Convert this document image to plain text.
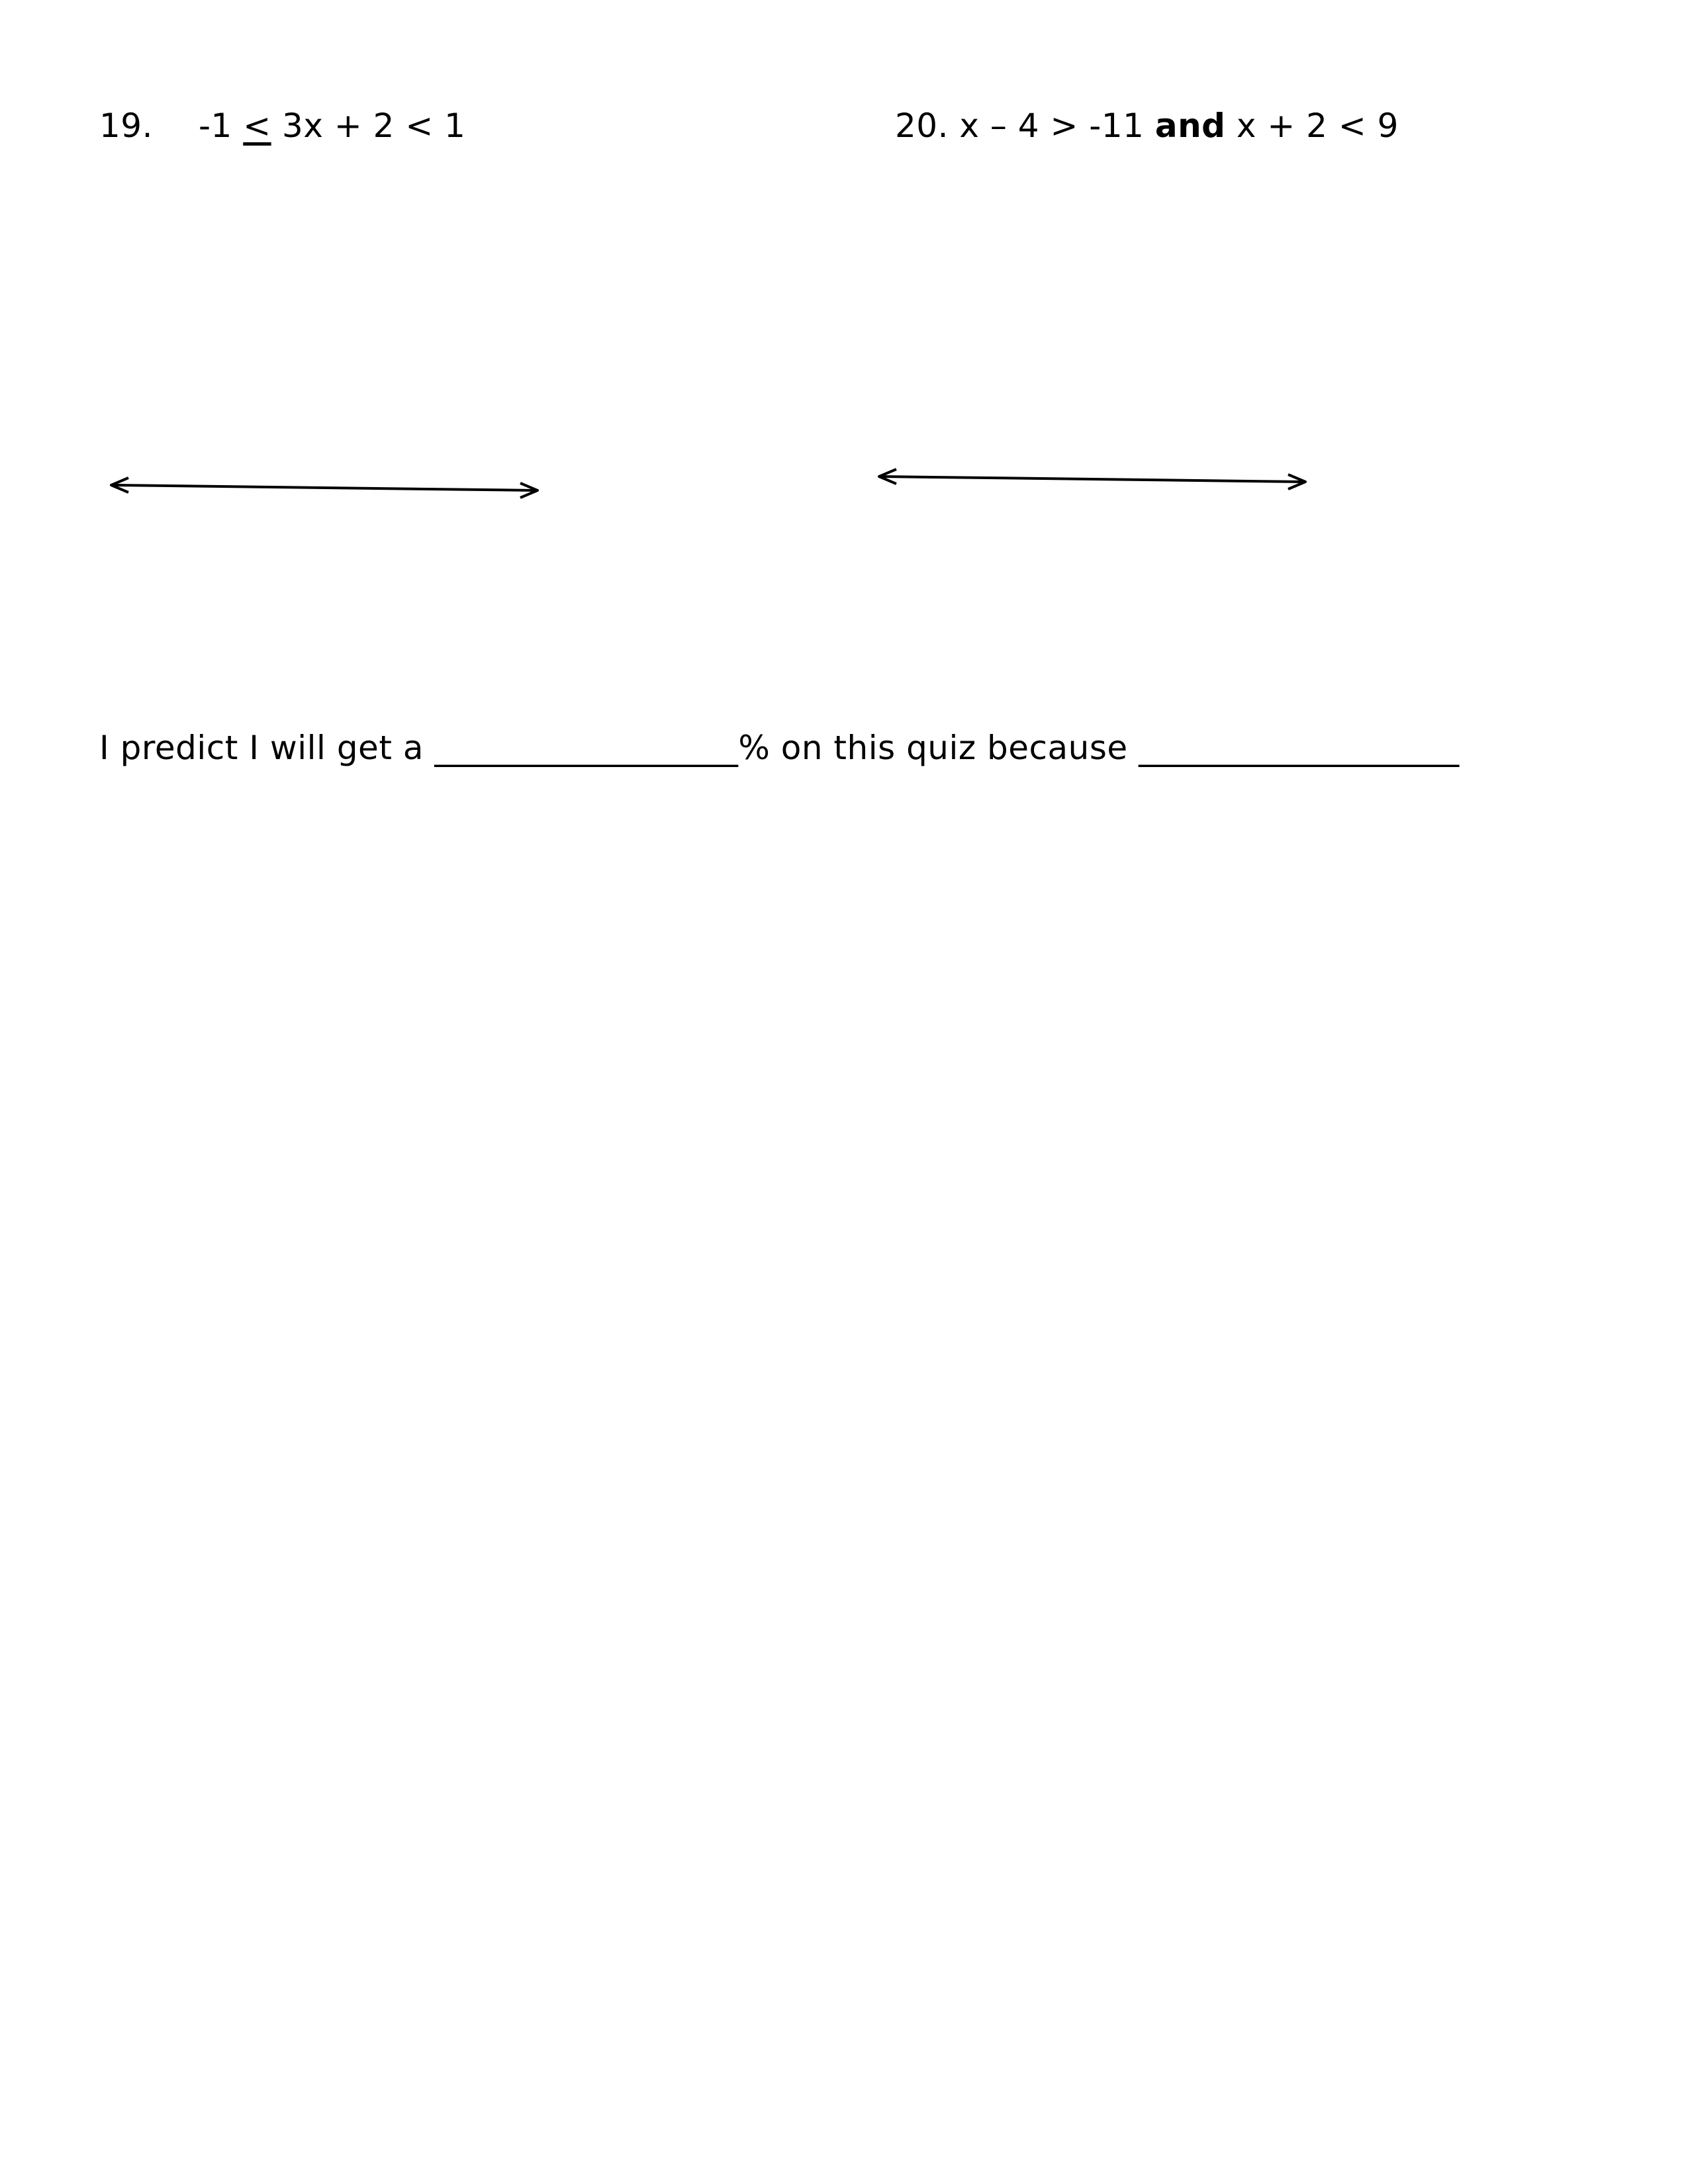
19. -1 ≤ 3x + 2 < 1	20. x – 4 > -11 and x + 2 < 9
I predict I will get a __________________% on this quiz because ___________________
